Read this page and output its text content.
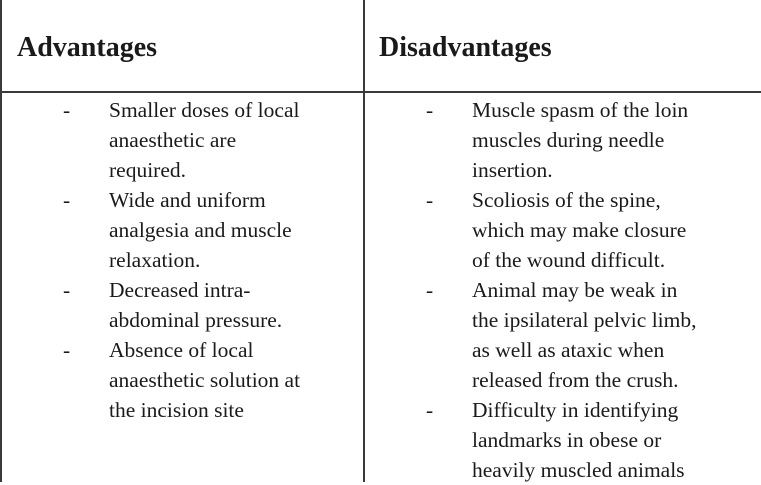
Advantages	Disadvantages
- Smaller doses of local
anaesthetic are
required.
- Wide and uniform
analgesia and muscle
relaxation.
- Decreased intra-
abdominal pressure.
- Absence of local
anaesthetic solution at
the incision site
- Muscle spasm of the loin
muscles during needle
insertion.
- Scoliosis of the spine,
which may make closure
of the wound difficult.
- Animal may be weak in
the ipsilateral pelvic limb,
as well as ataxic when
released from the crush.
- Difficulty in identifying
landmarks in obese or
heavily muscled animals
